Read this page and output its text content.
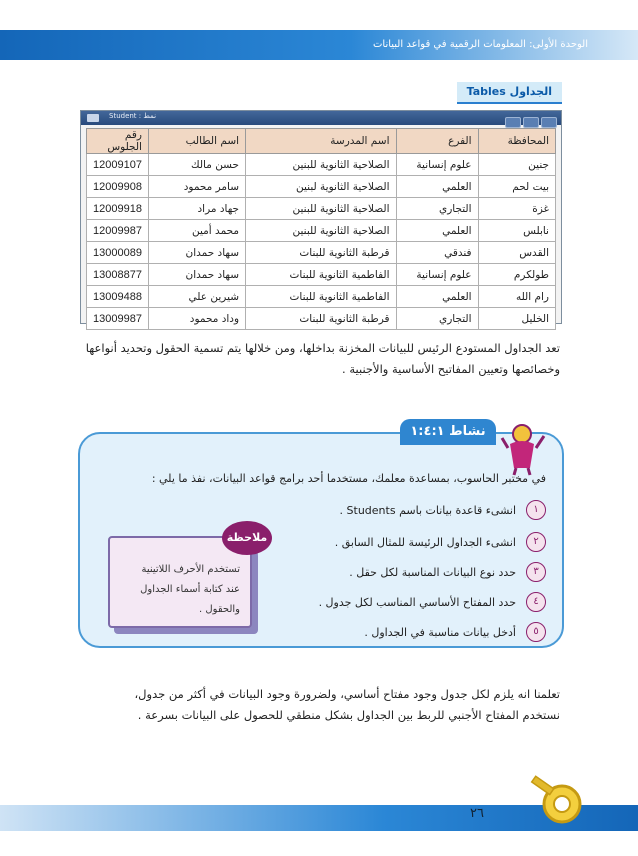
الوحدة الأولى: المعلومات الرقمية في قواعد البيانات
الجداول Tables
Student : نمط
المحافظة	الفرع	اسم المدرسة	اسم الطالب	رقم الجلوس
جنين	علوم إنسانية	الصلاحية الثانوية للبنين	حسن مالك	12009107
بيت لحم	العلمي	الصلاحية الثانوية لبنين	سامر محمود	12009908
غزة	التجاري	الصلاحية الثانوية للبنين	جهاد مراد	12009918
نابلس	العلمي	الصلاحية الثانوية للبنين	محمد أمين	12009987
القدس	فندقي	قرطبة الثانوية للبنات	سهاد حمدان	13000089
طولكرم	علوم إنسانية	الفاطمية الثانوية للبنات	سهاد حمدان	13008877
رام الله	العلمي	الفاطمية الثانوية للبنات	شيرين علي	13009488
الخليل	التجاري	قرطبة الثانوية للبنات	وداد محمود	13009987
تعد الجداول المستودع الرئيس للبيانات المخزنة بداخلها، ومن خلالها يتم تسمية الحقول وتحديد أنواعها
وخصائصها وتعيين المفاتيح الأساسية والأجنبية .
نشاط ١:٤:١
في مختبر الحاسوب، بمساعدة معلمك، مستخدما أحد برامج قواعد البيانات، نفذ ما يلي :
١
انشىء قاعدة بيانات باسم Students .
٢
انشىء الجداول الرئيسة للمثال السابق .
٣
حدد نوع البيانات المناسبة لكل حقل .
٤
حدد المفتاح الأساسي المناسب لكل جدول .
٥
أدخل بيانات مناسبة في الجداول .
ملاحظة
تستخدم الأحرف اللاتينية
عند كتابة أسماء الجداول
والحقول .
تعلمنا انه يلزم لكل جدول وجود مفتاح أساسي، ولضرورة وجود البيانات في أكثر من جدول،
نستخدم المفتاح الأجنبي للربط بين الجداول بشكل منطقي للحصول على البيانات بسرعة .
٢٦
